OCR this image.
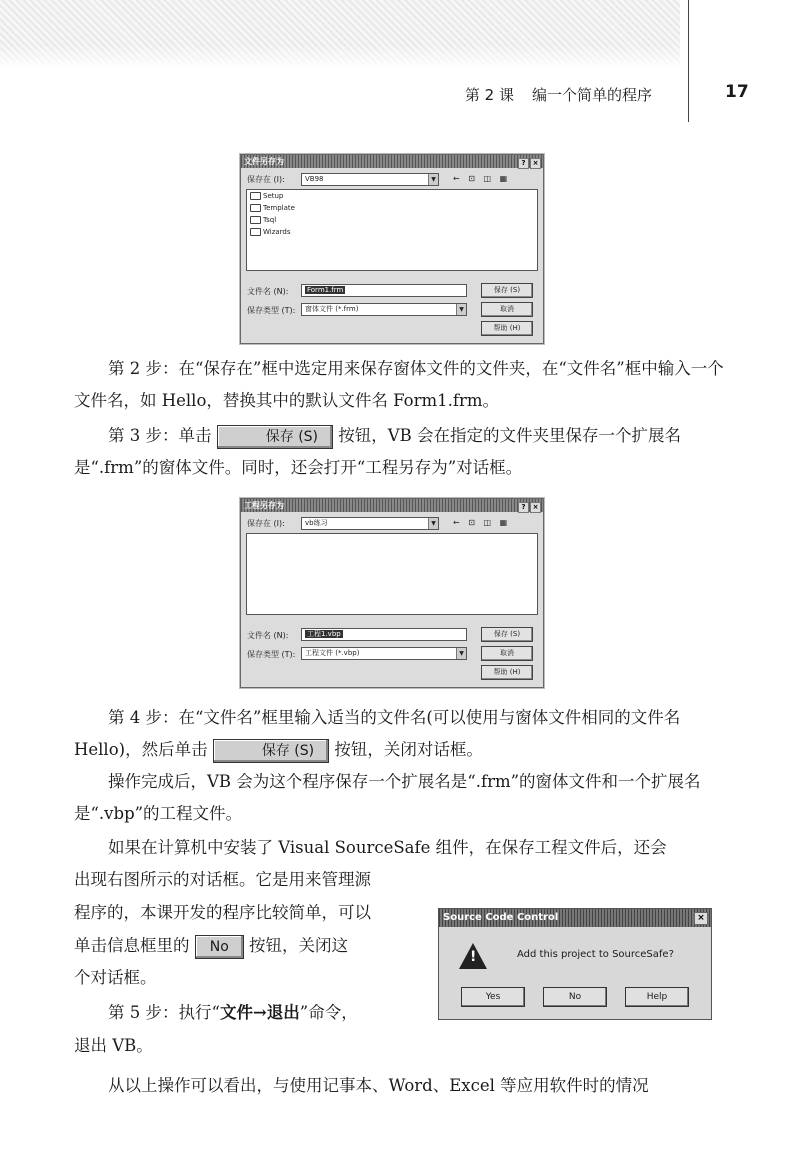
第 2 课 编一个简单的程序	17
文件另存为	? ×
保存在 (I):	VB98	▼ ← ⊡ ◫ ▦
Setup
Template
Tsql
Wizards
文件名 (N):	Form1.frm
保存类型 (T):	窗体文件 (*.frm)	▼
保存 (S)
取消
帮助 (H)

第 2 步：在“保存在”框中选定用来保存窗体文件的文件夹，在“文件名”框中输入一个文件名，如 Hello，替换其中的默认文件名 Form1.frm。

第 3 步：单击	保存 (S) 按钮，VB 会在指定的文件夹里保存一个扩展名是“.frm”的窗体文件。同时，还会打开“工程另存为”对话框。

工程另存为	? ×
保存在 (I):	vb练习	▼ ← ⊡ ◫ ▦
文件名 (N):	工程1.vbp
保存类型 (T):	工程文件 (*.vbp)	▼
保存 (S)
取消
帮助 (H)

第 4 步：在“文件名”框里输入适当的文件名(可以使用与窗体文件相同的文件名 Hello)，然后单击	保存 (S) 按钮，关闭对话框。

操作完成后，VB 会为这个程序保存一个扩展名是“.frm”的窗体文件和一个扩展名是“.vbp”的工程文件。

如果在计算机中安装了 Visual SourceSafe 组件，在保存工程文件后，还会

出现右图所示的对话框。它是用来管理源

程序的，本课开发的程序比较简单，可以

单击信息框里的 No 按钮，关闭这

个对话框。

第 5 步：执行“文件→退出”命令，

退出 VB。

从以上操作可以看出，与使用记事本、Word、Excel 等应用软件时的情况

Source Code Control	×
!	Add this project to SourceSafe?
Yes	No	Help
